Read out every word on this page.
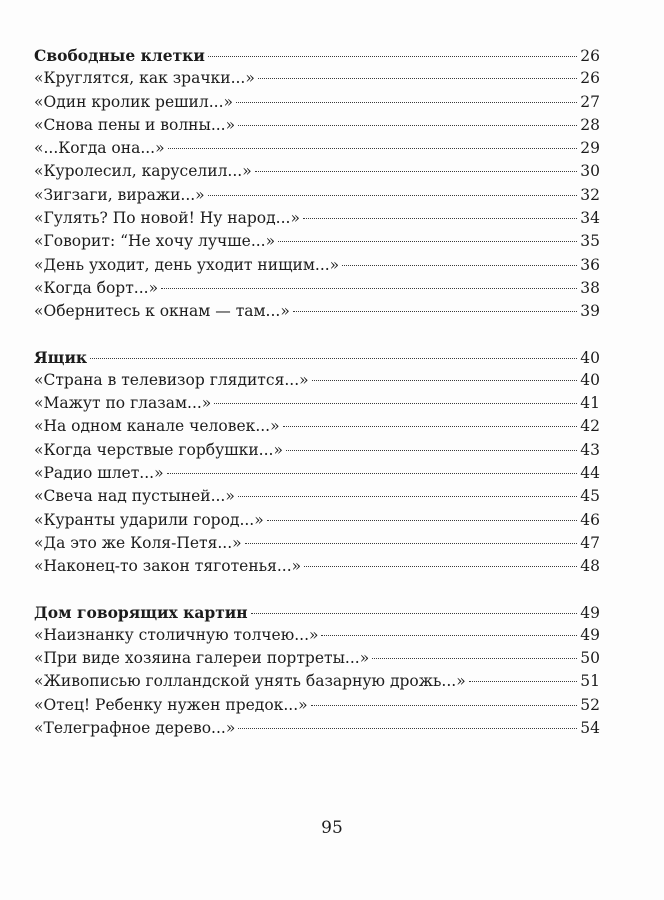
Свободные клетки	26
«Круглятся, как зрачки...»	26
«Один кролик решил...»	27
«Снова пены и волны...»	28
«...Когда она...»	29
«Куролесил, каруселил...»	30
«Зигзаги, виражи...»	32
«Гулять? По новой! Ну народ...»	34
«Говорит: “Не хочу лучше...»	35
«День уходит, день уходит нищим...»	36
«Когда борт...»	38
«Обернитесь к окнам — там...»	39
Ящик	40
«Страна в телевизор глядится...»	40
«Мажут по глазам...»	41
«На одном канале человек...»	42
«Когда черствые горбушки...»	43
«Радио шлет...»	44
«Свеча над пустыней...»	45
«Куранты ударили город...»	46
«Да это же Коля-Петя...»	47
«Наконец-то закон тяготенья...»	48
Дом говорящих картин	49
«Наизнанку столичную толчею...»	49
«При виде хозяина галереи портреты...»	50
«Живописью голландской унять базарную дрожь...»	51
«Отец! Ребенку нужен предок...»	52
«Телеграфное дерево...»	54
95
